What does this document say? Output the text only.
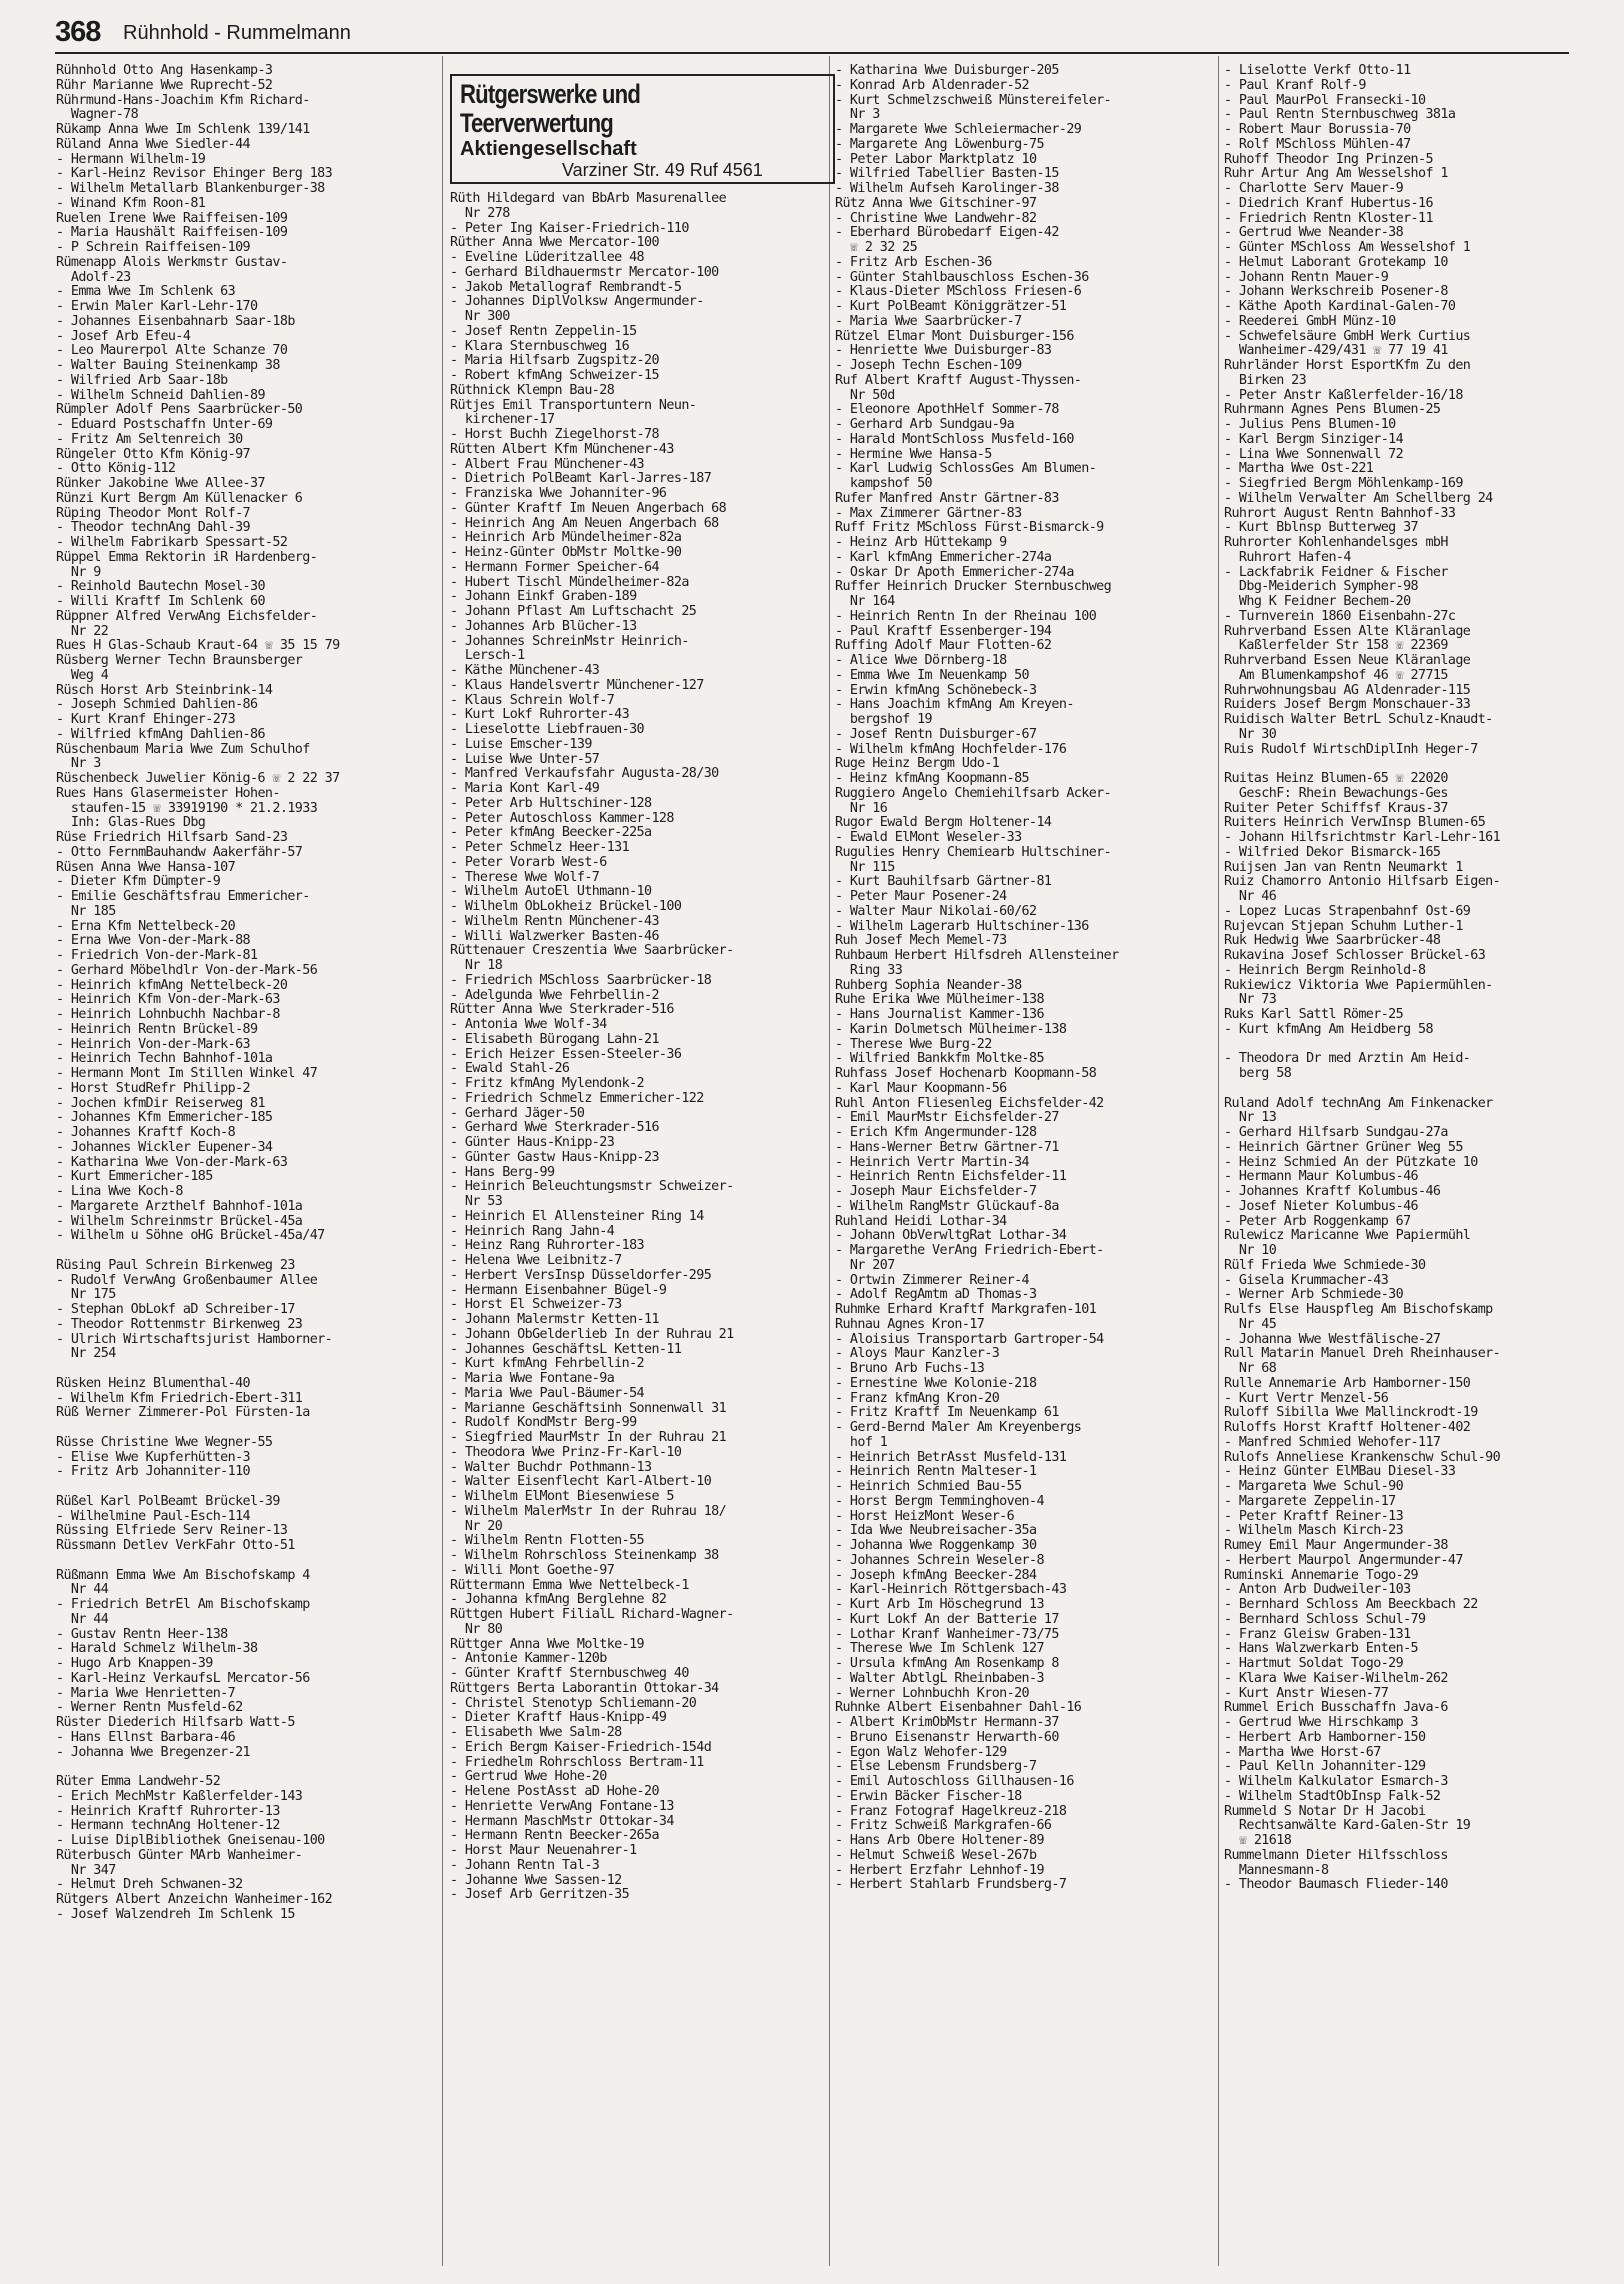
368 Rühnhold - Rummelmann
Rühnhold Otto Ang Hasenkamp-3
Rühr Marianne Wwe Ruprecht-52
Rührmund-Hans-Joachim Kfm Richard-
Wagner-78
Rükamp Anna Wwe Im Schlenk 139/141
Rüland Anna Wwe Siedler-44
- Hermann Wilhelm-19
- Karl-Heinz Revisor Ehinger Berg 183
- Wilhelm Metallarb Blankenburger-38
- Winand Kfm Roon-81
Ruelen Irene Wwe Raiffeisen-109
- Maria Haushält Raiffeisen-109
- P Schrein Raiffeisen-109
Rümenapp Alois Werkmstr Gustav-
Adolf-23
- Emma Wwe Im Schlenk 63
- Erwin Maler Karl-Lehr-170
- Johannes Eisenbahnarb Saar-18b
- Josef Arb Efeu-4
- Leo Maurerpol Alte Schanze 70
- Walter Bauing Steinenkamp 38
- Wilfried Arb Saar-18b
- Wilhelm Schneid Dahlien-89
Rümpler Adolf Pens Saarbrücker-50
- Eduard Postschaffn Unter-69
- Fritz Am Seltenreich 30
Rüngeler Otto Kfm König-97
- Otto König-112
Rünker Jakobine Wwe Allee-37
Rünzi Kurt Bergm Am Küllenacker 6
Rüping Theodor Mont Rolf-7
- Theodor technAng Dahl-39
- Wilhelm Fabrikarb Spessart-52
Rüppel Emma Rektorin iR Hardenberg-
Nr 9
- Reinhold Bautechn Mosel-30
- Willi Kraftf Im Schlenk 60
Rüppner Alfred VerwAng Eichsfelder-
Nr 22
Rues H Glas-Schaub Kraut-64 ☏ 35 15 79
Rüsberg Werner Techn Braunsberger
Weg 4
Rüsch Horst Arb Steinbrink-14
- Joseph Schmied Dahlien-86
- Kurt Kranf Ehinger-273
- Wilfried kfmAng Dahlien-86
Rüschenbaum Maria Wwe Zum Schulhof
Nr 3
Rüschenbeck Juwelier König-6 ☏ 2 22 37
Rues Hans Glasermeister Hohen-
staufen-15 ☏ 33919190 * 21.2.1933
Inh: Glas-Rues Dbg
Rüse Friedrich Hilfsarb Sand-23
- Otto FernmBauhandw Aakerfähr-57
Rüsen Anna Wwe Hansa-107
- Dieter Kfm Dümpter-9
- Emilie Geschäftsfrau Emmericher-
Nr 185
- Erna Kfm Nettelbeck-20
- Erna Wwe Von-der-Mark-88
- Friedrich Von-der-Mark-81
- Gerhard Möbelhdlr Von-der-Mark-56
- Heinrich kfmAng Nettelbeck-20
- Heinrich Kfm Von-der-Mark-63
- Heinrich Lohnbuchh Nachbar-8
- Heinrich Rentn Brückel-89
- Heinrich Von-der-Mark-63
- Heinrich Techn Bahnhof-101a
- Hermann Mont Im Stillen Winkel 47
- Horst StudRefr Philipp-2
- Jochen kfmDir Reiserweg 81
- Johannes Kfm Emmericher-185
- Johannes Kraftf Koch-8
- Johannes Wickler Eupener-34
- Katharina Wwe Von-der-Mark-63
- Kurt Emmericher-185
- Lina Wwe Koch-8
- Margarete Arzthelf Bahnhof-101a
- Wilhelm Schreinmstr Brückel-45a
- Wilhelm u Söhne oHG Brückel-45a/47

Rüsing Paul Schrein Birkenweg 23
- Rudolf VerwAng Großenbaumer Allee
Nr 175
- Stephan ObLokf aD Schreiber-17
- Theodor Rottenmstr Birkenweg 23
- Ulrich Wirtschaftsjurist Hamborner-
Nr 254

Rüsken Heinz Blumenthal-40
- Wilhelm Kfm Friedrich-Ebert-311
Rüß Werner Zimmerer-Pol Fürsten-1a

Rüsse Christine Wwe Wegner-55
- Elise Wwe Kupferhütten-3
- Fritz Arb Johanniter-110

Rüßel Karl PolBeamt Brückel-39
- Wilhelmine Paul-Esch-114
Rüssing Elfriede Serv Reiner-13
Rüssmann Detlev VerkFahr Otto-51

Rüßmann Emma Wwe Am Bischofskamp 4
Nr 44
- Friedrich BetrEl Am Bischofskamp
Nr 44
- Gustav Rentn Heer-138
- Harald Schmelz Wilhelm-38
- Hugo Arb Knappen-39
- Karl-Heinz VerkaufsL Mercator-56
- Maria Wwe Henrietten-7
- Werner Rentn Musfeld-62
Rüster Diederich Hilfsarb Watt-5
- Hans Ellnst Barbara-46
- Johanna Wwe Bregenzer-21

Rüter Emma Landwehr-52
- Erich MechMstr Kaßlerfelder-143
- Heinrich Kraftf Ruhrorter-13
- Hermann technAng Holtener-12
- Luise DiplBibliothek Gneisenau-100
Rüterbusch Günter MArb Wanheimer-
Nr 347
- Helmut Dreh Schwanen-32
Rütgers Albert Anzeichn Wanheimer-162
- Josef Walzendreh Im Schlenk 15
Rütgerswerke und
Teerverwertung
Aktiengesellschaft
Varziner Str. 49 Ruf 4561
Rüth Hildegard van BbArb Masurenallee
Nr 278
- Peter Ing Kaiser-Friedrich-110
Rüther Anna Wwe Mercator-100
- Eveline Lüderitzallee 48
- Gerhard Bildhauermstr Mercator-100
- Jakob Metallograf Rembrandt-5
- Johannes DiplVolksw Angermunder-
Nr 300
- Josef Rentn Zeppelin-15
- Klara Sternbuschweg 16
- Maria Hilfsarb Zugspitz-20
- Robert kfmAng Schweizer-15
Rüthnick Klempn Bau-28
Rütjes Emil Transportuntern Neun-
kirchener-17
- Horst Buchh Ziegelhorst-78
Rütten Albert Kfm Münchener-43
- Albert Frau Münchener-43
- Dietrich PolBeamt Karl-Jarres-187
- Franziska Wwe Johanniter-96
- Günter Kraftf Im Neuen Angerbach 68
- Heinrich Ang Am Neuen Angerbach 68
- Heinrich Arb Mündelheimer-82a
- Heinz-Günter ObMstr Moltke-90
- Hermann Former Speicher-64
- Hubert Tischl Mündelheimer-82a
- Johann Einkf Graben-189
- Johann Pflast Am Luftschacht 25
- Johannes Arb Blücher-13
- Johannes SchreinMstr Heinrich-
Lersch-1
- Käthe Münchener-43
- Klaus Handelsvertr Münchener-127
- Klaus Schrein Wolf-7
- Kurt Lokf Ruhrorter-43
- Lieselotte Liebfrauen-30
- Luise Emscher-139
- Luise Wwe Unter-57
- Manfred Verkaufsfahr Augusta-28/30
- Maria Kont Karl-49
- Peter Arb Hultschiner-128
- Peter Autoschloss Kammer-128
- Peter kfmAng Beecker-225a
- Peter Schmelz Heer-131
- Peter Vorarb West-6
- Therese Wwe Wolf-7
- Wilhelm AutoEl Uthmann-10
- Wilhelm ObLokheiz Brückel-100
- Wilhelm Rentn Münchener-43
- Willi Walzwerker Basten-46
Rüttenauer Creszentia Wwe Saarbrücker-
Nr 18
- Friedrich MSchloss Saarbrücker-18
- Adelgunda Wwe Fehrbellin-2
Rütter Anna Wwe Sterkrader-516
- Antonia Wwe Wolf-34
- Elisabeth Bürogang Lahn-21
- Erich Heizer Essen-Steeler-36
- Ewald Stahl-26
- Fritz kfmAng Mylendonk-2
- Friedrich Schmelz Emmericher-122
- Gerhard Jäger-50
- Gerhard Wwe Sterkrader-516
- Günter Haus-Knipp-23
- Günter Gastw Haus-Knipp-23
- Hans Berg-99
- Heinrich Beleuchtungsmstr Schweizer-
Nr 53
- Heinrich El Allensteiner Ring 14
- Heinrich Rang Jahn-4
- Heinz Rang Ruhrorter-183
- Helena Wwe Leibnitz-7
- Herbert VersInsp Düsseldorfer-295
- Hermann Eisenbahner Bügel-9
- Horst El Schweizer-73
- Johann Malermstr Ketten-11
- Johann ObGelderlieb In der Ruhrau 21
- Johannes GeschäftsL Ketten-11
- Kurt kfmAng Fehrbellin-2
- Maria Wwe Fontane-9a
- Maria Wwe Paul-Bäumer-54
- Marianne Geschäftsinh Sonnenwall 31
- Rudolf KondMstr Berg-99
- Siegfried MaurMstr In der Ruhrau 21
- Theodora Wwe Prinz-Fr-Karl-10
- Walter Buchdr Pothmann-13
- Walter Eisenflecht Karl-Albert-10
- Wilhelm ElMont Biesenwiese 5
- Wilhelm MalerMstr In der Ruhrau 18/
Nr 20
- Wilhelm Rentn Flotten-55
- Wilhelm Rohrschloss Steinenkamp 38
- Willi Mont Goethe-97
Rüttermann Emma Wwe Nettelbeck-1
- Johanna kfmAng Berglehne 82
Rüttgen Hubert FilialL Richard-Wagner-
Nr 80
Rüttger Anna Wwe Moltke-19
- Antonie Kammer-120b
- Günter Kraftf Sternbuschweg 40
Rüttgers Berta Laborantin Ottokar-34
- Christel Stenotyp Schliemann-20
- Dieter Kraftf Haus-Knipp-49
- Elisabeth Wwe Salm-28
- Erich Bergm Kaiser-Friedrich-154d
- Friedhelm Rohrschloss Bertram-11
- Gertrud Wwe Hohe-20
- Helene PostAsst aD Hohe-20
- Henriette VerwAng Fontane-13
- Hermann MaschMstr Ottokar-34
- Hermann Rentn Beecker-265a
- Horst Maur Neuenahrer-1
- Johann Rentn Tal-3
- Johanne Wwe Sassen-12
- Josef Arb Gerritzen-35
- Katharina Wwe Duisburger-205
- Konrad Arb Aldenrader-52
- Kurt Schmelzschweiß Münstereifeler-
Nr 3
- Margarete Wwe Schleiermacher-29
- Margarete Ang Löwenburg-75
- Peter Labor Marktplatz 10
- Wilfried Tabellier Basten-15
- Wilhelm Aufseh Karolinger-38
Rütz Anna Wwe Gitschiner-97
- Christine Wwe Landwehr-82
- Eberhard Bürobedarf Eigen-42
☏ 2 32 25
- Fritz Arb Eschen-36
- Günter Stahlbauschloss Eschen-36
- Klaus-Dieter MSchloss Friesen-6
- Kurt PolBeamt Königgrätzer-51
- Maria Wwe Saarbrücker-7
Rützel Elmar Mont Duisburger-156
- Henriette Wwe Duisburger-83
- Joseph Techn Eschen-109
Ruf Albert Kraftf August-Thyssen-
Nr 50d
- Eleonore ApothHelf Sommer-78
- Gerhard Arb Sundgau-9a
- Harald MontSchloss Musfeld-160
- Hermine Wwe Hansa-5
- Karl Ludwig SchlossGes Am Blumen-
kampshof 50
Rufer Manfred Anstr Gärtner-83
- Max Zimmerer Gärtner-83
Ruff Fritz MSchloss Fürst-Bismarck-9
- Heinz Arb Hüttekamp 9
- Karl kfmAng Emmericher-274a
- Oskar Dr Apoth Emmericher-274a
Ruffer Heinrich Drucker Sternbuschweg
Nr 164
- Heinrich Rentn In der Rheinau 100
- Paul Kraftf Essenberger-194
Ruffing Adolf Maur Flotten-62
- Alice Wwe Dörnberg-18
- Emma Wwe Im Neuenkamp 50
- Erwin kfmAng Schönebeck-3
- Hans Joachim kfmAng Am Kreyen-
bergshof 19
- Josef Rentn Duisburger-67
- Wilhelm kfmAng Hochfelder-176
Ruge Heinz Bergm Udo-1
- Heinz kfmAng Koopmann-85
Ruggiero Angelo Chemiehilfsarb Acker-
Nr 16
Rugor Ewald Bergm Holtener-14
- Ewald ElMont Weseler-33
Rugulies Henry Chemiearb Hultschiner-
Nr 115
- Kurt Bauhilfsarb Gärtner-81
- Peter Maur Posener-24
- Walter Maur Nikolai-60/62
- Wilhelm Lagerarb Hultschiner-136
Ruh Josef Mech Memel-73
Ruhbaum Herbert Hilfsdreh Allensteiner
Ring 33
Ruhberg Sophia Neander-38
Ruhe Erika Wwe Mülheimer-138
- Hans Journalist Kammer-136
- Karin Dolmetsch Mülheimer-138
- Therese Wwe Burg-22
- Wilfried Bankkfm Moltke-85
Ruhfass Josef Hochenarb Koopmann-58
- Karl Maur Koopmann-56
Ruhl Anton Fliesenleg Eichsfelder-42
- Emil MaurMstr Eichsfelder-27
- Erich Kfm Angermunder-128
- Hans-Werner Betrw Gärtner-71
- Heinrich Vertr Martin-34
- Heinrich Rentn Eichsfelder-11
- Joseph Maur Eichsfelder-7
- Wilhelm RangMstr Glückauf-8a
Ruhland Heidi Lothar-34
- Johann ObVerwltgRat Lothar-34
- Margarethe VerAng Friedrich-Ebert-
Nr 207
- Ortwin Zimmerer Reiner-4
- Adolf RegAmtm aD Thomas-3
Ruhmke Erhard Kraftf Markgrafen-101
Ruhnau Agnes Kron-17
- Aloisius Transportarb Gartroper-54
- Aloys Maur Kanzler-3
- Bruno Arb Fuchs-13
- Ernestine Wwe Kolonie-218
- Franz kfmAng Kron-20
- Fritz Kraftf Im Neuenkamp 61
- Gerd-Bernd Maler Am Kreyenbergs
hof 1
- Heinrich BetrAsst Musfeld-131
- Heinrich Rentn Malteser-1
- Heinrich Schmied Bau-55
- Horst Bergm Temminghoven-4
- Horst HeizMont Weser-6
- Ida Wwe Neubreisacher-35a
- Johanna Wwe Roggenkamp 30
- Johannes Schrein Weseler-8
- Joseph kfmAng Beecker-284
- Karl-Heinrich Röttgersbach-43
- Kurt Arb Im Höschegrund 13
- Kurt Lokf An der Batterie 17
- Lothar Kranf Wanheimer-73/75
- Therese Wwe Im Schlenk 127
- Ursula kfmAng Am Rosenkamp 8
- Walter AbtlgL Rheinbaben-3
- Werner Lohnbuchh Kron-20
Ruhnke Albert Eisenbahner Dahl-16
- Albert KrimObMstr Hermann-37
- Bruno Eisenanstr Herwarth-60
- Egon Walz Wehofer-129
- Else Lebensm Frundsberg-7
- Emil Autoschloss Gillhausen-16
- Erwin Bäcker Fischer-18
- Franz Fotograf Hagelkreuz-218
- Fritz Schweiß Markgrafen-66
- Hans Arb Obere Holtener-89
- Helmut Schweiß Wesel-267b
- Herbert Erzfahr Lehnhof-19
- Herbert Stahlarb Frundsberg-7
- Liselotte Verkf Otto-11
- Paul Kranf Rolf-9
- Paul MaurPol Fransecki-10
- Paul Rentn Sternbuschweg 381a
- Robert Maur Borussia-70
- Rolf MSchloss Mühlen-47
Ruhoff Theodor Ing Prinzen-5
Ruhr Artur Ang Am Wesselshof 1
- Charlotte Serv Mauer-9
- Diedrich Kranf Hubertus-16
- Friedrich Rentn Kloster-11
- Gertrud Wwe Neander-38
- Günter MSchloss Am Wesselshof 1
- Helmut Laborant Grotekamp 10
- Johann Rentn Mauer-9
- Johann Werkschreib Posener-8
- Käthe Apoth Kardinal-Galen-70
- Reederei GmbH Münz-10
- Schwefelsäure GmbH Werk Curtius
Wanheimer-429/431 ☏ 77 19 41
Ruhrländer Horst EsportKfm Zu den
Birken 23
- Peter Anstr Kaßlerfelder-16/18
Ruhrmann Agnes Pens Blumen-25
- Julius Pens Blumen-10
- Karl Bergm Sinziger-14
- Lina Wwe Sonnenwall 72
- Martha Wwe Ost-221
- Siegfried Bergm Möhlenkamp-169
- Wilhelm Verwalter Am Schellberg 24
Ruhrort August Rentn Bahnhof-33
- Kurt Bblnsp Butterweg 37
Ruhrorter Kohlenhandelsges mbH
Ruhrort Hafen-4
- Lackfabrik Feidner & Fischer
Dbg-Meiderich Sympher-98
Whg K Feidner Bechem-20
- Turnverein 1860 Eisenbahn-27c
Ruhrverband Essen Alte Kläranlage
Kaßlerfelder Str 158 ☏ 22369
Ruhrverband Essen Neue Kläranlage
Am Blumenkampshof 46 ☏ 27715
Ruhrwohnungsbau AG Aldenrader-115
Ruiders Josef Bergm Monschauer-33
Ruidisch Walter BetrL Schulz-Knaudt-
Nr 30
Ruis Rudolf WirtschDiplInh Heger-7

Ruitas Heinz Blumen-65 ☏ 22020
GeschF: Rhein Bewachungs-Ges
Ruiter Peter Schiffsf Kraus-37
Ruiters Heinrich VerwInsp Blumen-65
- Johann Hilfsrichtmstr Karl-Lehr-161
- Wilfried Dekor Bismarck-165
Ruijsen Jan van Rentn Neumarkt 1
Ruiz Chamorro Antonio Hilfsarb Eigen-
Nr 46
- Lopez Lucas Strapenbahnf Ost-69
Rujevcan Stjepan Schuhm Luther-1
Ruk Hedwig Wwe Saarbrücker-48
Rukavina Josef Schlosser Brückel-63
- Heinrich Bergm Reinhold-8
Rukiewicz Viktoria Wwe Papiermühlen-
Nr 73
Ruks Karl Sattl Römer-25
- Kurt kfmAng Am Heidberg 58

- Theodora Dr med Ärztin Am Heid-
berg 58

Ruland Adolf technAng Am Finkenacker
Nr 13
- Gerhard Hilfsarb Sundgau-27a
- Heinrich Gärtner Grüner Weg 55
- Heinz Schmied An der Pützkate 10
- Hermann Maur Kolumbus-46
- Johannes Kraftf Kolumbus-46
- Josef Nieter Kolumbus-46
- Peter Arb Roggenkamp 67
Rulewicz Maricanne Wwe Papiermühl
Nr 10
Rülf Frieda Wwe Schmiede-30
- Gisela Krummacher-43
- Werner Arb Schmiede-30
Rulfs Else Hauspfleg Am Bischofskamp
Nr 45
- Johanna Wwe Westfälische-27
Rull Matarin Manuel Dreh Rheinhauser-
Nr 68
Rulle Annemarie Arb Hamborner-150
- Kurt Vertr Menzel-56
Ruloff Sibilla Wwe Mallinckrodt-19
Ruloffs Horst Kraftf Holtener-402
- Manfred Schmied Wehofer-117
Rulofs Anneliese Krankenschw Schul-90
- Heinz Günter ElMBau Diesel-33
- Margareta Wwe Schul-90
- Margarete Zeppelin-17
- Peter Kraftf Reiner-13
- Wilhelm Masch Kirch-23
Rumey Emil Maur Angermunder-38
- Herbert Maurpol Angermunder-47
Ruminski Annemarie Togo-29
- Anton Arb Dudweiler-103
- Bernhard Schloss Am Beeckbach 22
- Bernhard Schloss Schul-79
- Franz Gleisw Graben-131
- Hans Walzwerkarb Enten-5
- Hartmut Soldat Togo-29
- Klara Wwe Kaiser-Wilhelm-262
- Kurt Anstr Wiesen-77
Rummel Erich Busschaffn Java-6
- Gertrud Wwe Hirschkamp 3
- Herbert Arb Hamborner-150
- Martha Wwe Horst-67
- Paul Kelln Johanniter-129
- Wilhelm Kalkulator Esmarch-3
- Wilhelm StadtObInsp Falk-52
Rummeld S Notar Dr H Jacobi
Rechtsanwälte Kard-Galen-Str 19
☏ 21618
Rummelmann Dieter Hilfsschloss
Mannesmann-8
- Theodor Baumasch Flieder-140
